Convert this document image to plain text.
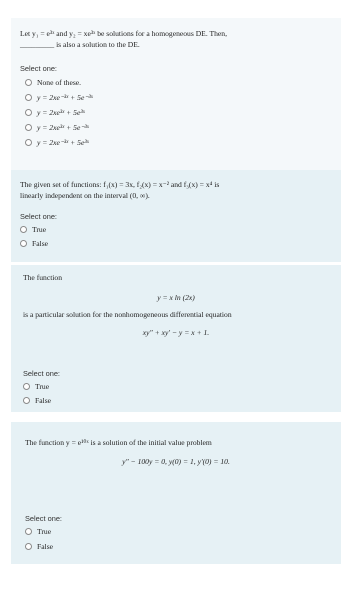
Let y₁ = e³ˣ and y₂ = xe³ˣ be solutions for a homogeneous DE. Then,
_________ is also a solution to the DE.
Select one:
None of these.
y = 2xe⁻³ˣ + 5e⁻³ˣ
y = 2xe³ˣ + 5e³ˣ
y = 2xe³ˣ + 5e⁻³ˣ
y = 2xe⁻³ˣ + 5e³ˣ
The given set of functions: f₁(x) = 3x, f₂(x) = x⁻² and f₃(x) = x⁴ is
linearly independent on the interval (0, ∞).
Select one:
True
False
The function
y = x ln (2x)
is a particular solution for the nonhomogeneous differential equation
xy″ + xy′ − y = x + 1.
Select one:
True
False
The function y = e¹⁰ˣ is a solution of the initial value problem
y″ − 100y = 0, y(0) = 1, y′(0) = 10.
Select one:
True
False
